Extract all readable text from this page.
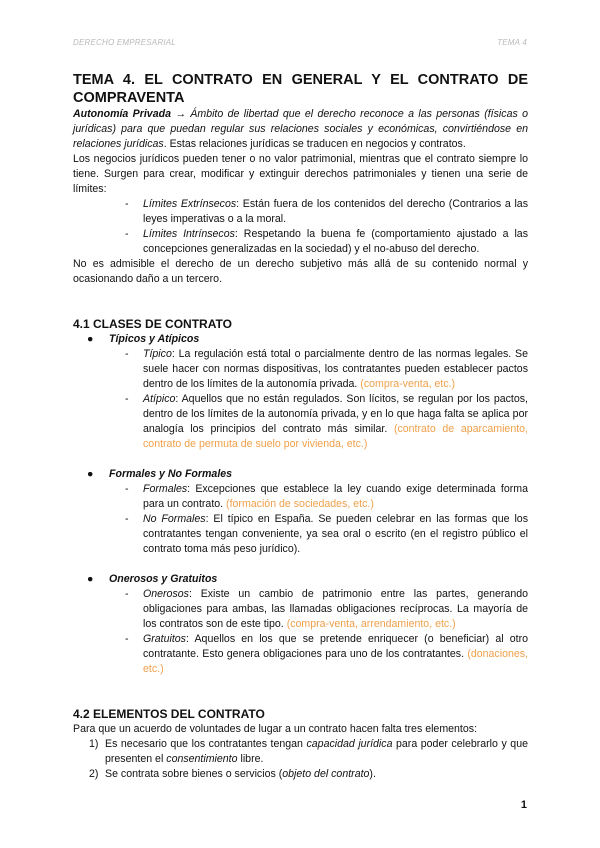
DERECHO EMPRESARIAL	TEMA 4
TEMA 4. EL CONTRATO EN GENERAL Y EL CONTRATO DE COMPRAVENTA

Autonomía Privada → Ámbito de libertad que el derecho reconoce a las personas (físicas o jurídicas) para que puedan regular sus relaciones sociales y económicas, convirtiéndose en relaciones jurídicas. Estas relaciones jurídicas se traducen en negocios y contratos.

Los negocios jurídicos pueden tener o no valor patrimonial, mientras que el contrato siempre lo tiene. Surgen para crear, modificar y extinguir derechos patrimoniales y tienen una serie de límites:

- Límites Extrínsecos: Están fuera de los contenidos del derecho (Contrarios a las leyes imperativas o a la moral.
- Límites Intrínsecos: Respetando la buena fe (comportamiento ajustado a las concepciones generalizadas en la sociedad) y el no-abuso del derecho.

No es admisible el derecho de un derecho subjetivo más allá de su contenido normal y ocasionando daño a un tercero.

4.1 CLASES DE CONTRATO
● Típicos y Atípicos
- Típico: La regulación está total o parcialmente dentro de las normas legales. Se suele hacer con normas dispositivas, los contratantes pueden establecer pactos dentro de los límites de la autonomía privada. (compra-venta, etc.)
- Atípico: Aquellos que no están regulados. Son lícitos, se regulan por los pactos, dentro de los límites de la autonomía privada, y en lo que haga falta se aplica por analogía los principios del contrato más similar. (contrato de aparcamiento, contrato de permuta de suelo por vivienda, etc.)
● Formales y No Formales
- Formales: Excepciones que establece la ley cuando exige determinada forma para un contrato. (formación de sociedades, etc.)
- No Formales: El típico en España. Se pueden celebrar en las formas que los contratantes tengan conveniente, ya sea oral o escrito (en el registro público el contrato toma más peso jurídico).
● Onerosos y Gratuitos
- Onerosos: Existe un cambio de patrimonio entre las partes, generando obligaciones para ambas, las llamadas obligaciones recíprocas. La mayoría de los contratos son de este tipo. (compra-venta, arrendamiento, etc.)
- Gratuitos: Aquellos en los que se pretende enriquecer (o beneficiar) al otro contratante. Esto genera obligaciones para uno de los contratantes. (donaciones, etc.)
4.2 ELEMENTOS DEL CONTRATO

Para que un acuerdo de voluntades de lugar a un contrato hacen falta tres elementos:

1) Es necesario que los contratantes tengan capacidad jurídica para poder celebrarlo y que presenten el consentimiento libre.
2) Se contrata sobre bienes o servicios (objeto del contrato).
1
